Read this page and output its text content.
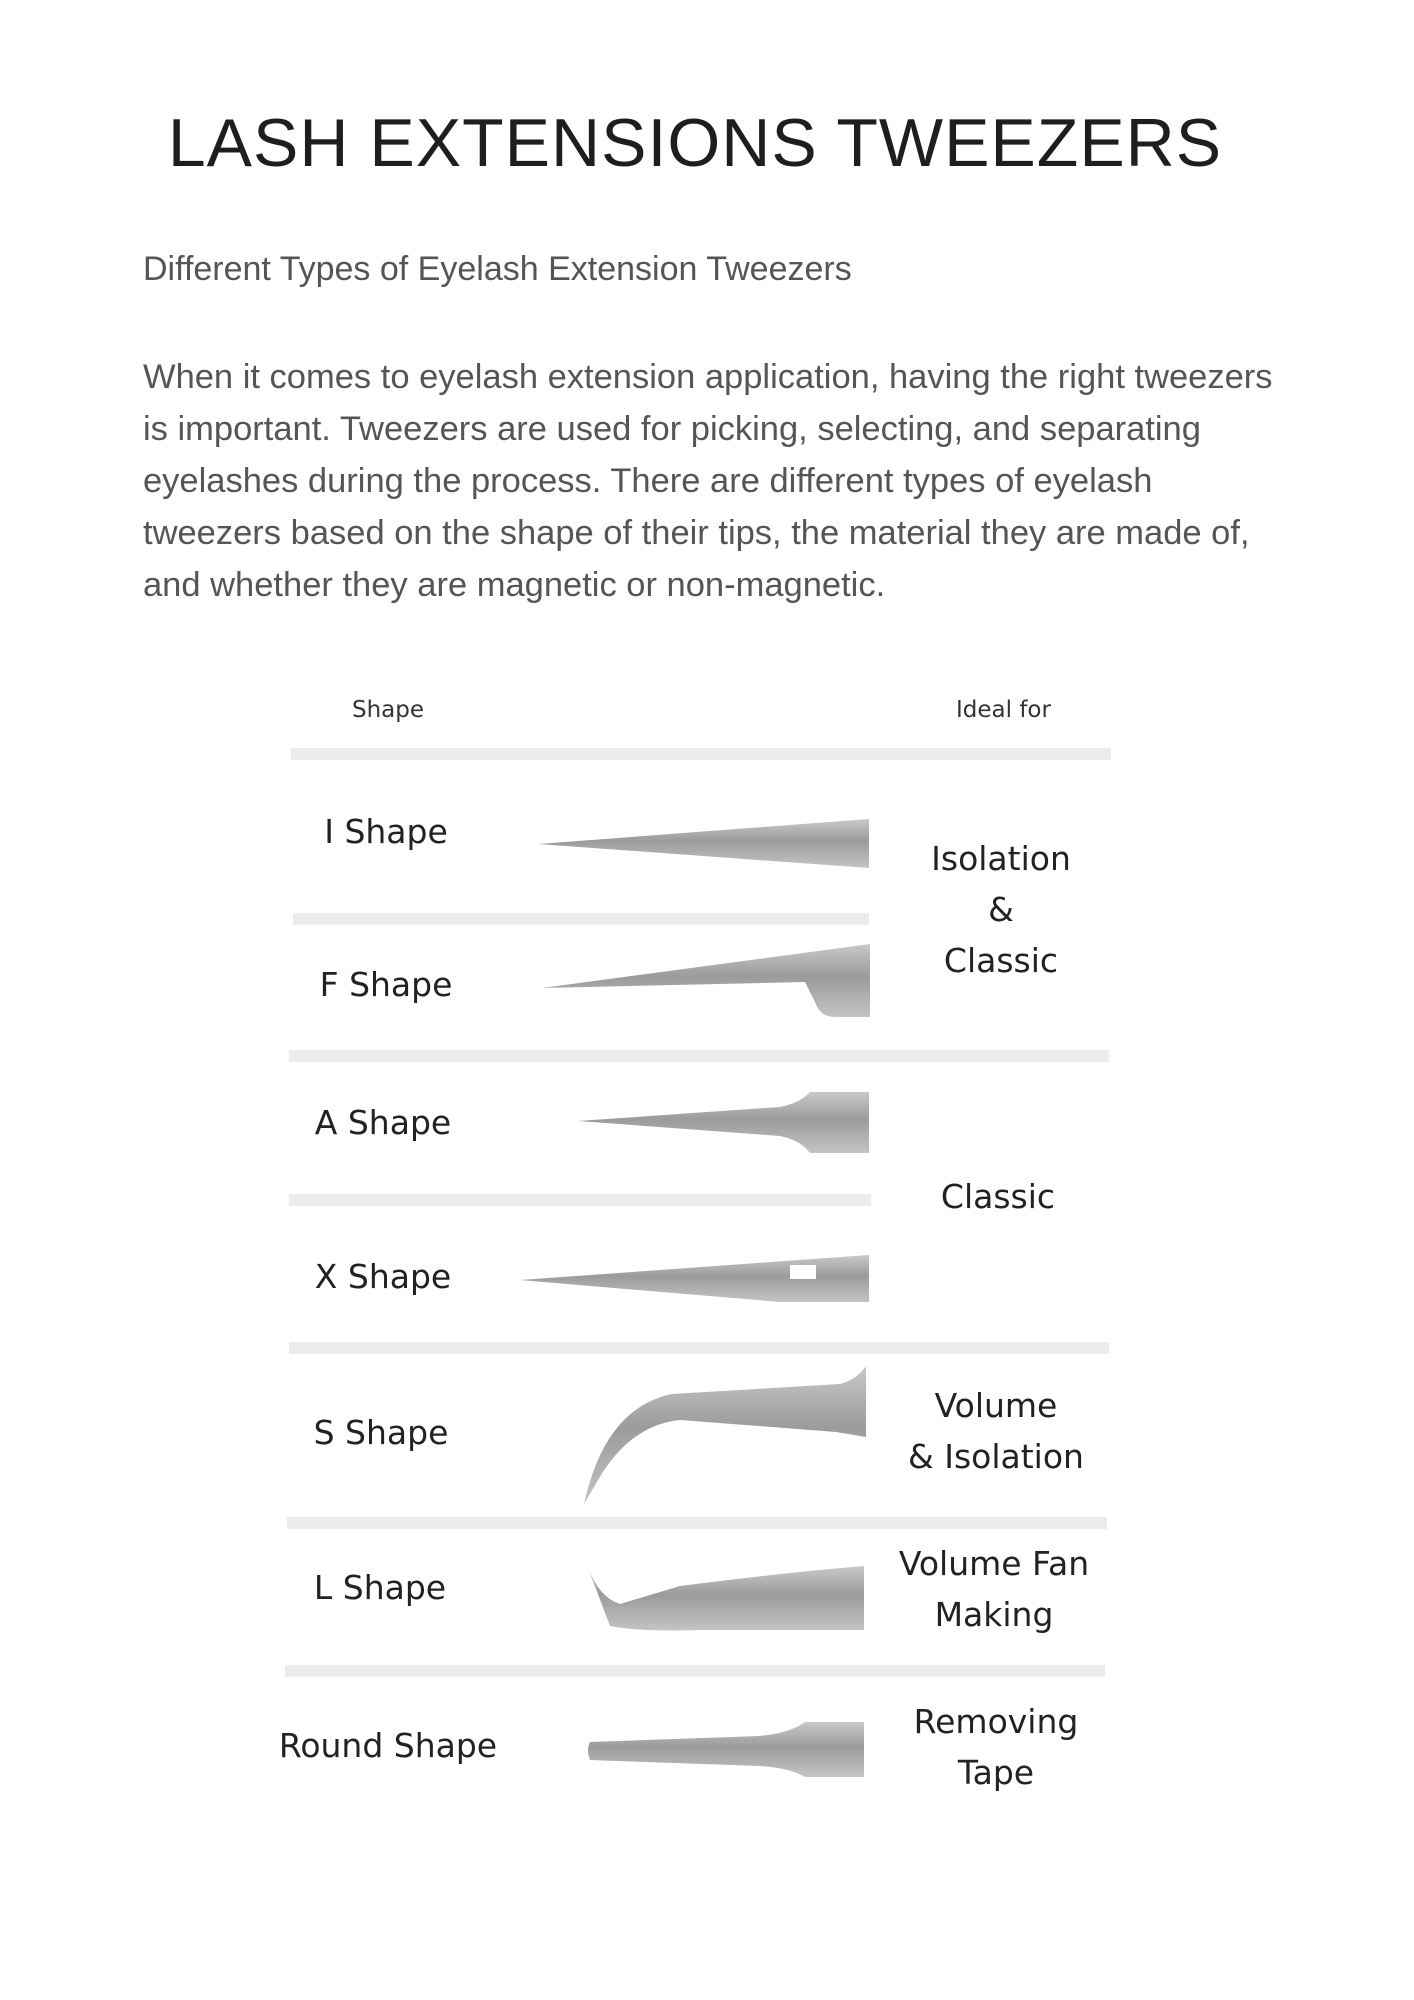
LASH EXTENSIONS TWEEZERS

Different Types of Eyelash Extension Tweezers

When it comes to eyelash extension application, having the right tweezers is important. Tweezers are used for picking, selecting, and separating eyelashes during the process. There are different types of eyelash tweezers based on the shape of their tips, the material they are made of, and whether they are magnetic or non-magnetic.

Shape	Ideal for
I Shape
F Shape
A Shape
X Shape
S Shape
L Shape
Round Shape
Isolation
&
Classic
Classic
Volume
& Isolation
Volume Fan
Making
Removing
Tape
